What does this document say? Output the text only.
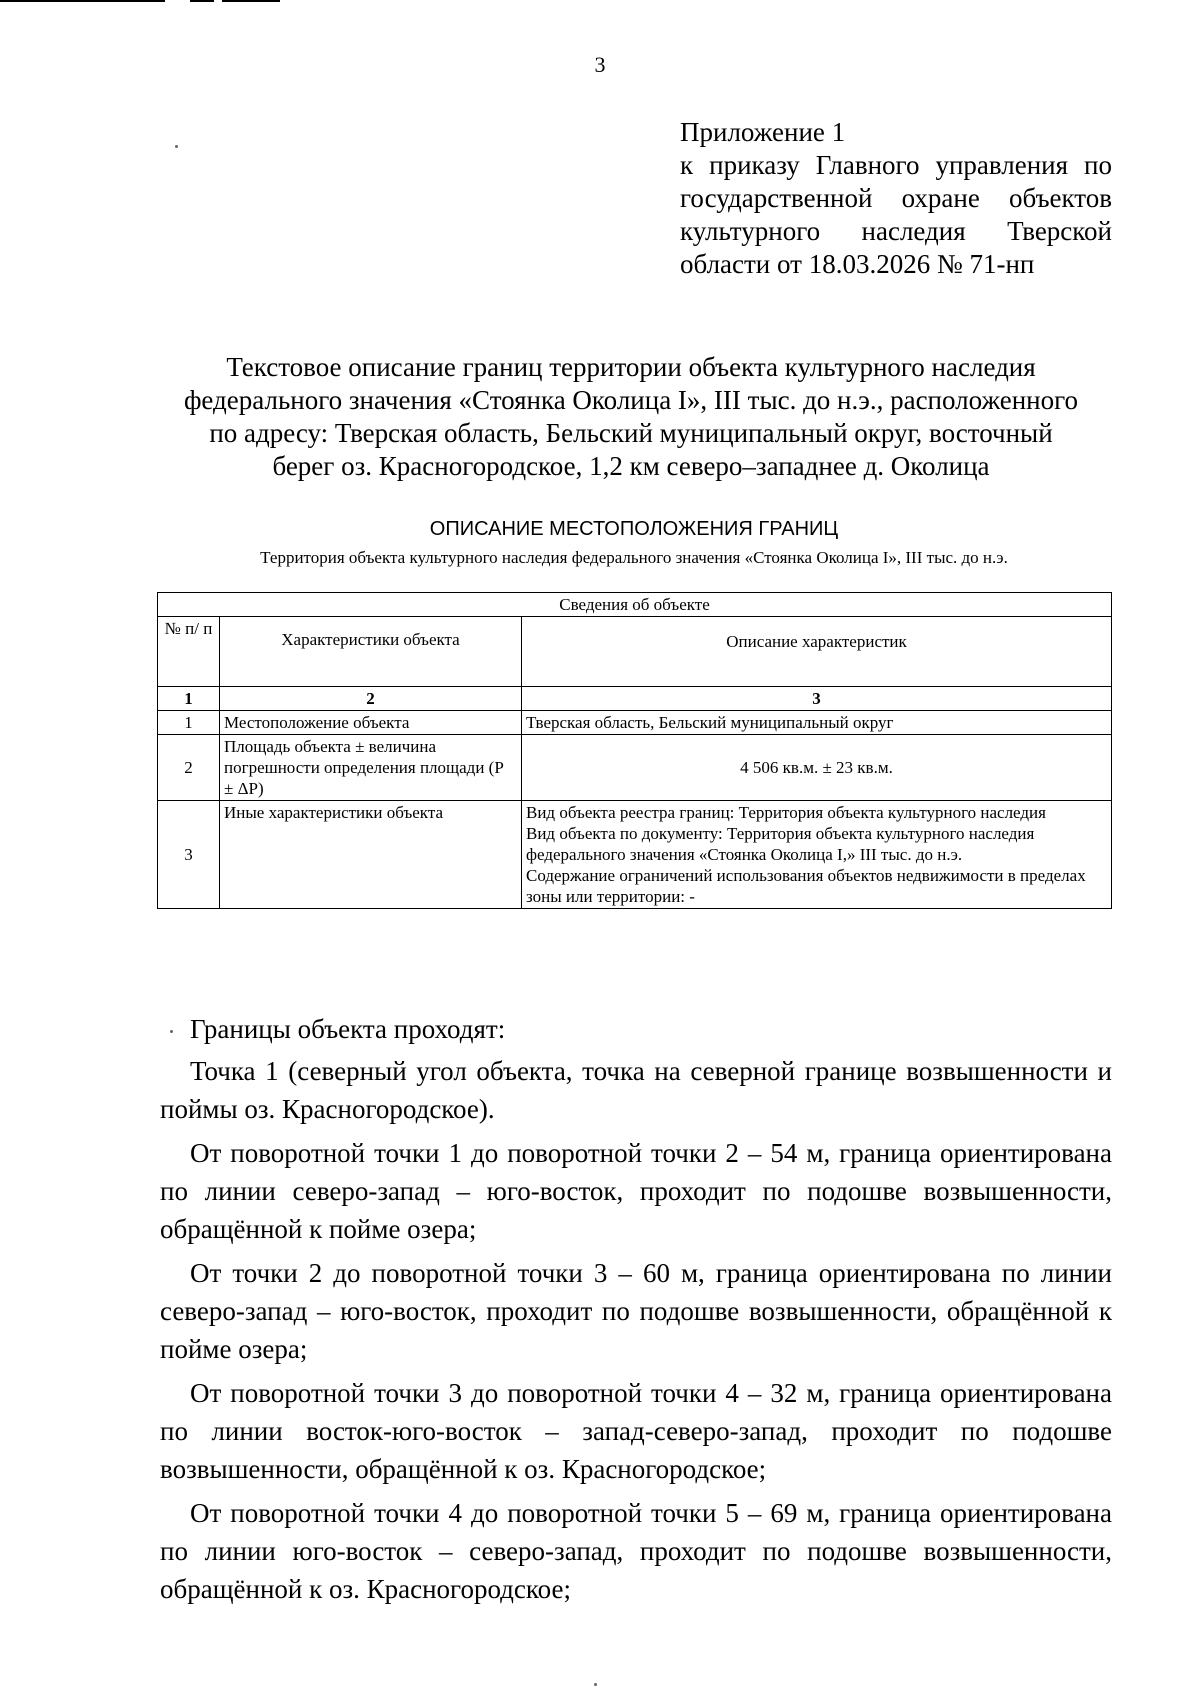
3
Приложение 1
к приказу Главного управления по
государственной охране объектов
культурного наследия Тверской
области от 18.03.2026 № 71-нп
Текстовое описание границ территории объекта культурного наследия
федерального значения «Стоянка Околица I», III тыс. до н.э., расположенного
по адресу: Тверская область, Бельский муниципальный округ, восточный
берег оз. Красногородское, 1,2 км северо–западнее д. Околица
ОПИСАНИЕ МЕСТОПОЛОЖЕНИЯ ГРАНИЦ
Территория объекта культурного наследия федерального значения «Стоянка Околица I», III тыс. до н.э.
Сведения об объекте		
№ п/ п	Характеристики объекта	Описание характеристик
1	2	3
1	Местоположение объекта	Тверская область, Бельский муниципальный округ
2	Площадь объекта ± величина погрешности определения площади (Р ± ΔР)	4 506 кв.м. ± 23 кв.м.
3	Иные характеристики объекта	Вид объекта реестра границ: Территория объекта культурного наследия
Вид объекта по документу: Территория объекта культурного наследия федерального значения «Стоянка Околица I,» III тыс. до н.э.
Содержание ограничений использования объектов недвижимости в пределах зоны или территории: -

Границы объекта проходят:

Точка 1 (северный угол объекта, точка на северной границе возвышенности и поймы оз. Красногородское).

От поворотной точки 1 до поворотной точки 2 – 54 м, граница ориентирована по линии северо-запад – юго-восток, проходит по подошве возвышенности, обращённой к пойме озера;

От точки 2 до поворотной точки 3 – 60 м, граница ориентирована по линии северо-запад – юго-восток, проходит по подошве возвышенности, обращённой к пойме озера;

От поворотной точки 3 до поворотной точки 4 – 32 м, граница ориентирована по линии восток-юго-восток – запад-северо-запад, проходит по подошве возвышенности, обращённой к оз. Красногородское;

От поворотной точки 4 до поворотной точки 5 – 69 м, граница ориентирована по линии юго-восток – северо-запад, проходит по подошве возвышенности, обращённой к оз. Красногородское;
